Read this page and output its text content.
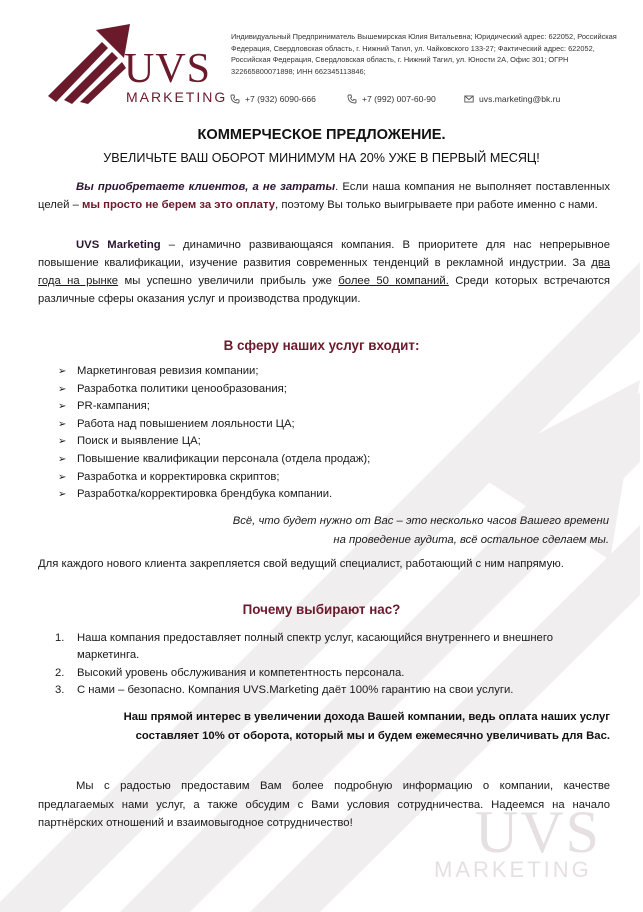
UVS
MARKETING
UVS
MARKETING
Индивидуальный Предприниматель Вышемирская Юлия Витальевна; Юридический адрес: 622052, Российская Федерация, Свердловская область, г. Нижний Тагил, ул. Чайковского 133-27; Фактический адрес: 622052, Российская Федерация, Свердловская область, г. Нижний Тагил, ул. Юности 2А, Офис 301; ОГРН 322665800071898; ИНН 662345113846;
+7 (932) 6090-666	+7 (992) 007-60-90	uvs.marketing@bk.ru
КОММЕРЧЕСКОЕ ПРЕДЛОЖЕНИЕ.
УВЕЛИЧЬТЕ ВАШ ОБОРОТ МИНИМУМ НА 20% УЖЕ В ПЕРВЫЙ МЕСЯЦ!
Вы приобретаете клиентов, а не затраты. Если наша компания не выполняет поставленных целей – мы просто не берем за это оплату, поэтому Вы только выигрываете при работе именно с нами.
UVS Marketing – динамично развивающаяся компания. В приоритете для нас непрерывное повышение квалификации, изучение развития современных тенденций в рекламной индустрии. За два года на рынке мы успешно увеличили прибыль уже более 50 компаний. Среди которых встречаются различные сферы оказания услуг и производства продукции.
В сферу наших услуг входит:
➢ Маркетинговая ревизия компании;
➢ Разработка политики ценообразования;
➢ PR-кампания;
➢ Работа над повышением лояльности ЦА;
➢ Поиск и выявление ЦА;
➢ Повышение квалификации персонала (отдела продаж);
➢ Разработка и корректировка скриптов;
➢ Разработка/корректировка брендбука компании.
Всё, что будет нужно от Вас – это несколько часов Вашего времени
на проведение аудита, всё остальное сделаем мы.
Для каждого нового клиента закрепляется свой ведущий специалист, работающий с ним напрямую.
Почему выбирают нас?
1. Наша компания предоставляет полный спектр услуг, касающийся внутреннего и внешнего маркетинга.
2. Высокий уровень обслуживания и компетентность персонала.
3. С нами – безопасно. Компания UVS.Marketing даёт 100% гарантию на свои услуги.
Наш прямой интерес в увеличении дохода Вашей компании, ведь оплата наших услуг
составляет 10% от оборота, который мы и будем ежемесячно увеличивать для Вас.
Мы с радостью предоставим Вам более подробную информацию о компании, качестве предлагаемых нами услуг, а также обсудим с Вами условия сотрудничества. Надеемся на начало партнёрских отношений и взаимовыгодное сотрудничество!
